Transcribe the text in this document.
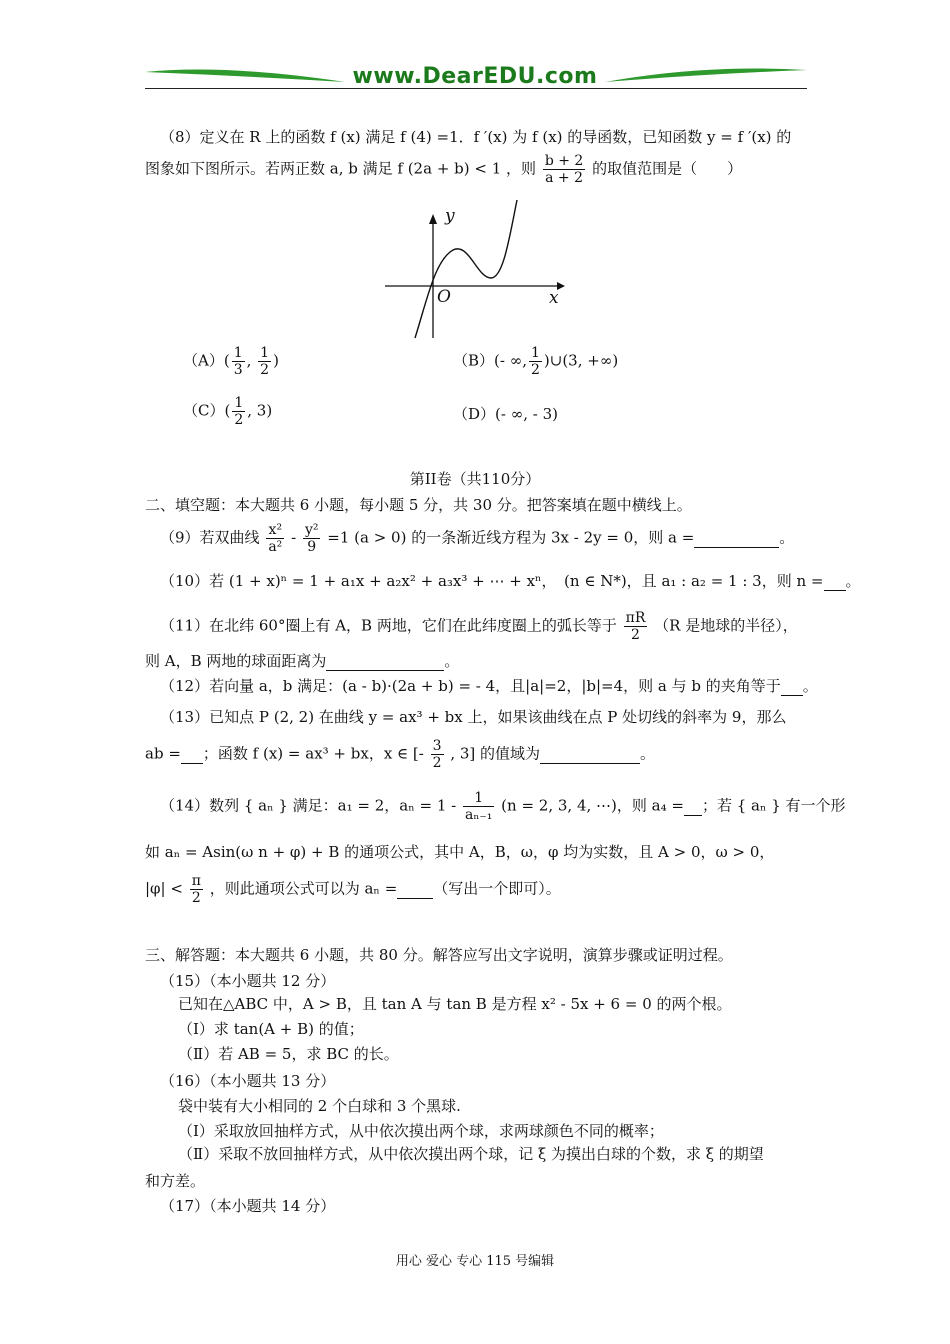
www.DearEDU.com
（8）定义在 R 上的函数 f (x) 满足 f (4) =1．f ′(x) 为 f (x) 的导函数，已知函数 y = f ′(x) 的
图象如下图所示。若两正数 a, b 满足 f (2a + b) < 1 ，则 $\frac{b + 2}{a + 2}$ 的取值范围是（　　）
y
x
O
$(A)( \frac{1}{3}$ , $\frac{1}{2}$ )	（B）(- ∞, $\frac{1}{2}$ )∪(3, +∞)
$(C)( \frac{1}{2}$ , 3)	（D）(- ∞, - 3)
第II卷（共110分）
二、填空题：本大题共 6 小题，每小题 5 分，共 30 分。把答案填在题中横线上。
（9）若双曲线 $\frac{\text{x²}}{\text{a²}} - \frac{\text{y²}}{9} =1$ (a > 0) 的一条渐近线方程为 3x - 2y = 0，则 a =	。
（10）若 (1 + x)ⁿ = 1 + a₁x + a₂x² + a₃x³ + ⋯ + xⁿ，　(n ∈ N*)，且 a₁ : a₂ = 1 : 3，则 n = 。
（11）在北纬 60°圈上有 A，B 两地，它们在此纬度圈上的弧长等于 $\frac{\pi R}{2} (R$ 是地球的半径），
则 A，B 两地的球面距离为	。
（12）若向量 a，b 满足：(a - b)·(2a + b) = - 4，且|a|=2，|b|=4，则 a 与 b 的夹角等于 。
（13）已知点 P (2, 2) 在曲线 y = ax³ + bx 上，如果该曲线在点 P 处切线的斜率为 9，那么
ab = ；函数 f (x) = ax³ + bx，x ∈ [- $\frac{3}{2}$ , 3] 的值域为	。
（14）数列 { aₙ } 满足：a₁ = 2，$a_n = 1 - \frac{1}{\text{aₙ₋₁}} (n = 2$, 3, 4, ⋯)，则 a₄ = ；若 { aₙ } 有一个形
如 aₙ = Asin(ω n + φ) + B 的通项公式，其中 A，B，ω，φ 均为实数，且 A > 0，ω > 0，
$|\varphi| < \frac{\pi}{2}$ ，则此通项公式可以为 aₙ = （写出一个即可）。
三、解答题：本大题共 6 小题，共 80 分。解答应写出文字说明，演算步骤或证明过程。
（15）（本小题共 12 分）
已知在△ABC 中，A > B，且 tan A 与 tan B 是方程 x² - 5x + 6 = 0 的两个根。
（Ⅰ）求 tan(A + B) 的值；
（Ⅱ）若 AB = 5，求 BC 的长。
（16）（本小题共 13 分）
袋中装有大小相同的 2 个白球和 3 个黑球.
（Ⅰ）采取放回抽样方式，从中依次摸出两个球，求两球颜色不同的概率；
（Ⅱ）采取不放回抽样方式，从中依次摸出两个球，记 ξ 为摸出白球的个数，求 ξ 的期望
和方差。
（17）（本小题共 14 分）
用心 爱心 专心 115 号编辑
